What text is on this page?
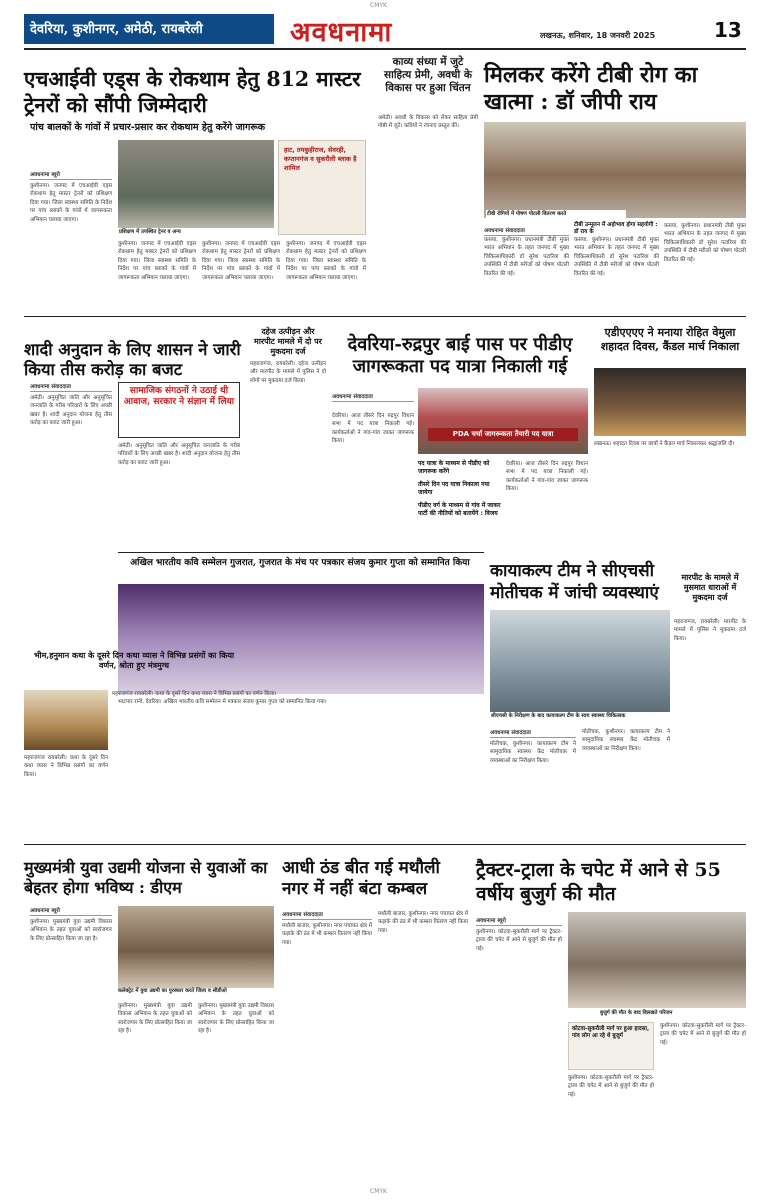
CMYK
देवरिया, कुशीनगर, अमेठी, रायबरेली	अवधनामा	लखनऊ, शनिवार, 18 जनवरी 2025	13
एचआईवी एड्स के रोकथाम हेतु 812 मास्टर ट्रेनरों को सौंपी जिम्मेदारी
पांच बालकों के गांवों में प्रचार-प्रसार कर रोकथाम हेतु करेंगे जागरूक
अवधनामा ब्यूरो
कुशीनगर। जनपद में एचआईवी एड्स रोकथाम हेतु मास्टर ट्रेनरों को प्रशिक्षण दिया गया। जिला स्वास्थ्य समिति के निर्देश पर पांच ब्लाकों के गांवों में जागरूकता अभियान चलाया जाएगा।
प्रशिक्षण में उपस्थित ट्रेनर व अन्य
हाट, तमकुहीराज, सेवरही, कप्तानगंज व सुकरौली ब्लाक है शामिल
कुशीनगर। जनपद में एचआईवी एड्स रोकथाम हेतु मास्टर ट्रेनरों को प्रशिक्षण दिया गया। जिला स्वास्थ्य समिति के निर्देश पर पांच ब्लाकों के गांवों में जागरूकता अभियान चलाया जाएगा।
कुशीनगर। जनपद में एचआईवी एड्स रोकथाम हेतु मास्टर ट्रेनरों को प्रशिक्षण दिया गया। जिला स्वास्थ्य समिति के निर्देश पर पांच ब्लाकों के गांवों में जागरूकता अभियान चलाया जाएगा।
कुशीनगर। जनपद में एचआईवी एड्स रोकथाम हेतु मास्टर ट्रेनरों को प्रशिक्षण दिया गया। जिला स्वास्थ्य समिति के निर्देश पर पांच ब्लाकों के गांवों में जागरूकता अभियान चलाया जाएगा।
काव्य संध्या में जुटे साहित्य प्रेमी, अवधी के विकास पर हुआ चिंतन
अमेठी। अवधी के विकास को लेकर साहित्य प्रेमी गोष्ठी में जुटे। कवियों ने रचनाएं प्रस्तुत कीं।
मिलकर करेंगे टीबी रोग का खात्मा : डॉ जीपी राय
टीबी रोगियों में पोषण पोटली वितरण करते
अवधनामा संवाददाता
कसया, कुशीनगर। प्रधानमंत्री टीबी मुक्त भारत अभियान के तहत जनपद में मुख्य चिकित्साधिकारी डॉ सुरेश पटारिया की उपस्थिति में टीबी मरीजों को पोषण पोटली वितरित की गई।
कसया, कुशीनगर। प्रधानमंत्री टीबी मुक्त भारत अभियान के तहत जनपद में मुख्य चिकित्साधिकारी डॉ सुरेश पटारिया की उपस्थिति में टीबी मरीजों को पोषण पोटली वितरित की गई।
टीबी उन्मूलन में अहोभाव होगा सहयोगी : डॉ राय के
कसया, कुशीनगर। प्रधानमंत्री टीबी मुक्त भारत अभियान के तहत जनपद में मुख्य चिकित्साधिकारी डॉ सुरेश पटारिया की उपस्थिति में टीबी मरीजों को पोषण पोटली वितरित की गई।
शादी अनुदान के लिए शासन ने जारी किया तीस करोड़ का बजट
अवधनामा संवाददाता
अमेठी। अनुसूचित जाति और अनुसूचित जनजाति के गरीब परिवारों के लिए अच्छी खबर है। शादी अनुदान योजना हेतु तीस करोड़ का बजट जारी हुआ।
सामाजिक संगठनों ने उठाई थी आवाज, सरकार ने संज्ञान में लिया
अमेठी। अनुसूचित जाति और अनुसूचित जनजाति के गरीब परिवारों के लिए अच्छी खबर है। शादी अनुदान योजना हेतु तीस करोड़ का बजट जारी हुआ।
दहेज उत्पीड़न और मारपीट मामले में दो पर मुकदमा दर्ज
महराजगंज, रायबरेली। दहेज उत्पीड़न और मारपीट के मामले में पुलिस ने दो लोगों पर मुकदमा दर्ज किया।
देवरिया-रुद्रपुर बाई पास पर पीडीए जागरूकता पद यात्रा निकाली गई
अवधनामा संवाददाता
देवरिया। आज तीसरे दिन रुद्रपुर विधान सभा में पद यात्रा निकाली गई। कार्यकर्ताओं ने गांव-गांव जाकर जागरूक किया।
PDA चर्चा जागरूकता तैयारी पद यात्रा
पद यात्रा के माध्यम से पीडीए को जागरूक करेंगे
तीसरे दिन पद यात्रा निकाला गया जायेगा
पीडीए वर्ग के माध्यम से गांव में जाकर पार्टी की नीतियों को बतायेंगे : विजय
देवरिया। आज तीसरे दिन रुद्रपुर विधान सभा में पद यात्रा निकाली गई। कार्यकर्ताओं ने गांव-गांव जाकर जागरूक किया।
एडीएएएए ने मनाया रोहित वेमुला शहादत दिवस, कैंडल मार्च निकाला
लखनऊ। शहादत दिवस पर छात्रों ने कैंडल मार्च निकालकर श्रद्धांजलि दी।
अखिल भारतीय कवि सम्मेलन गुजरात, गुजरात के मंच पर पत्रकार संजय कुमार गुप्ता को सम्मानित किया
भाटपार रानी, देवरिया। अखिल भारतीय कवि सम्मेलन में पत्रकार संजय कुमार गुप्ता को सम्मानित किया गया।
कायाकल्प टीम ने सीएचसी मोतीचक में जांची व्यवस्थाएं
सीएचसी के निरीक्षण के बाद कायाकल्प टीम के साथ स्वास्थ्य चिकित्सक
अवधनामा संवाददाता
मोतीचक, कुशीनगर। कायाकल्प टीम ने सामुदायिक स्वास्थ्य केंद्र मोतीचक में व्यवस्थाओं का निरीक्षण किया।
मोतीचक, कुशीनगर। कायाकल्प टीम ने सामुदायिक स्वास्थ्य केंद्र मोतीचक में व्यवस्थाओं का निरीक्षण किया।
मारपीट के मामले में मुसमात धाराओं में मुकदमा दर्ज
महराजगंज, रायबरेली। मारपीट के मामले में पुलिस ने मुकदमा दर्ज किया।
भीम,हनुमान कथा के दूसरे दिन कथा व्यास ने विभिन्न प्रसंगों का किया वर्णन, श्रोता हुए मंत्रमुग्ध
महराजगंज रायबरेली। कथा के दूसरे दिन कथा व्यास ने विभिन्न प्रसंगों का वर्णन किया।
महराजगंज रायबरेली। कथा के दूसरे दिन कथा व्यास ने विभिन्न प्रसंगों का वर्णन किया।
मुख्यमंत्री युवा उद्यमी योजना से युवाओं का बेहतर होगा भविष्य : डीएम
अवधनामा ब्यूरो
कुशीनगर। मुख्यमंत्री युवा उद्यमी विकास अभियान के तहत युवाओं को स्वरोजगार के लिए प्रोत्साहित किया जा रहा है।
कलेक्ट्रेट में युवा उद्यमी का पुरस्कार करते जिला व सीडीओ
कुशीनगर। मुख्यमंत्री युवा उद्यमी विकास अभियान के तहत युवाओं को स्वरोजगार के लिए प्रोत्साहित किया जा रहा है।
कुशीनगर। मुख्यमंत्री युवा उद्यमी विकास अभियान के तहत युवाओं को स्वरोजगार के लिए प्रोत्साहित किया जा रहा है।
आधी ठंड बीत गई मथौली नगर में नहीं बंटा कम्बल
अवधनामा संवाददाता
मथौली बाजार, कुशीनगर। नगर पंचायत क्षेत्र में कड़ाके की ठंड में भी कम्बल वितरण नहीं किया गया।
मथौली बाजार, कुशीनगर। नगर पंचायत क्षेत्र में कड़ाके की ठंड में भी कम्बल वितरण नहीं किया गया।
ट्रैक्टर-ट्राला के चपेट में आने से 55 वर्षीय बुजुर्ग की मौत
अवधनामा ब्यूरो
कुशीनगर। कोटवा-सुकरौली मार्ग पर ट्रैक्टर-ट्राला की चपेट में आने से बुजुर्ग की मौत हो गई।
बुजुर्ग की मौत के बाद विलखते परिजन
कोटवा-सुकरौली मार्ग पर हुआ हादसा, गांव लोग आ रहे थे बुजुर्ग
कुशीनगर। कोटवा-सुकरौली मार्ग पर ट्रैक्टर-ट्राला की चपेट में आने से बुजुर्ग की मौत हो गई।
कुशीनगर। कोटवा-सुकरौली मार्ग पर ट्रैक्टर-ट्राला की चपेट में आने से बुजुर्ग की मौत हो गई।
CMYK
